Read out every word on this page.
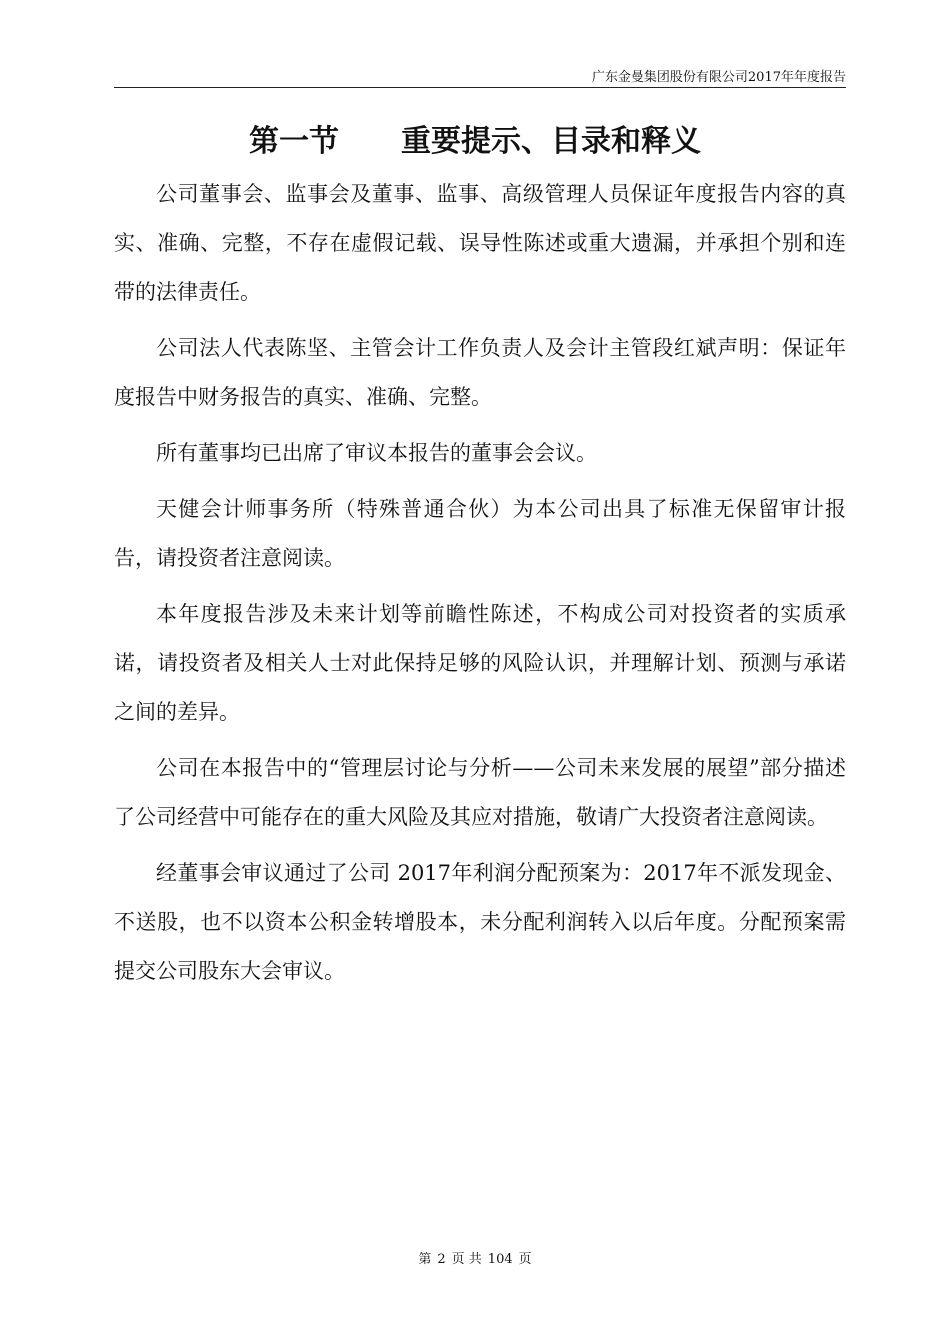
广东金曼集团股份有限公司2017年年度报告
第一节 重要提示、目录和释义

公司董事会、监事会及董事、监事、高级管理人员保证年度报告内容的真实、准确、完整，不存在虚假记载、误导性陈述或重大遗漏，并承担个别和连带的法律责任。

公司法人代表陈坚、主管会计工作负责人及会计主管段红斌声明：保证年度报告中财务报告的真实、准确、完整。

所有董事均已出席了审议本报告的董事会会议。

天健会计师事务所（特殊普通合伙）为本公司出具了标准无保留审计报告，请投资者注意阅读。

本年度报告涉及未来计划等前瞻性陈述，不构成公司对投资者的实质承诺，请投资者及相关人士对此保持足够的风险认识，并理解计划、预测与承诺之间的差异。

公司在本报告中的“管理层讨论与分析——公司未来发展的展望”部分描述了公司经营中可能存在的重大风险及其应对措施，敬请广大投资者注意阅读。

经董事会审议通过了公司 2017年利润分配预案为：2017年不派发现金、不送股，也不以资本公积金转增股本，未分配利润转入以后年度。分配预案需提交公司股东大会审议。

第 2 页 共 104 页
